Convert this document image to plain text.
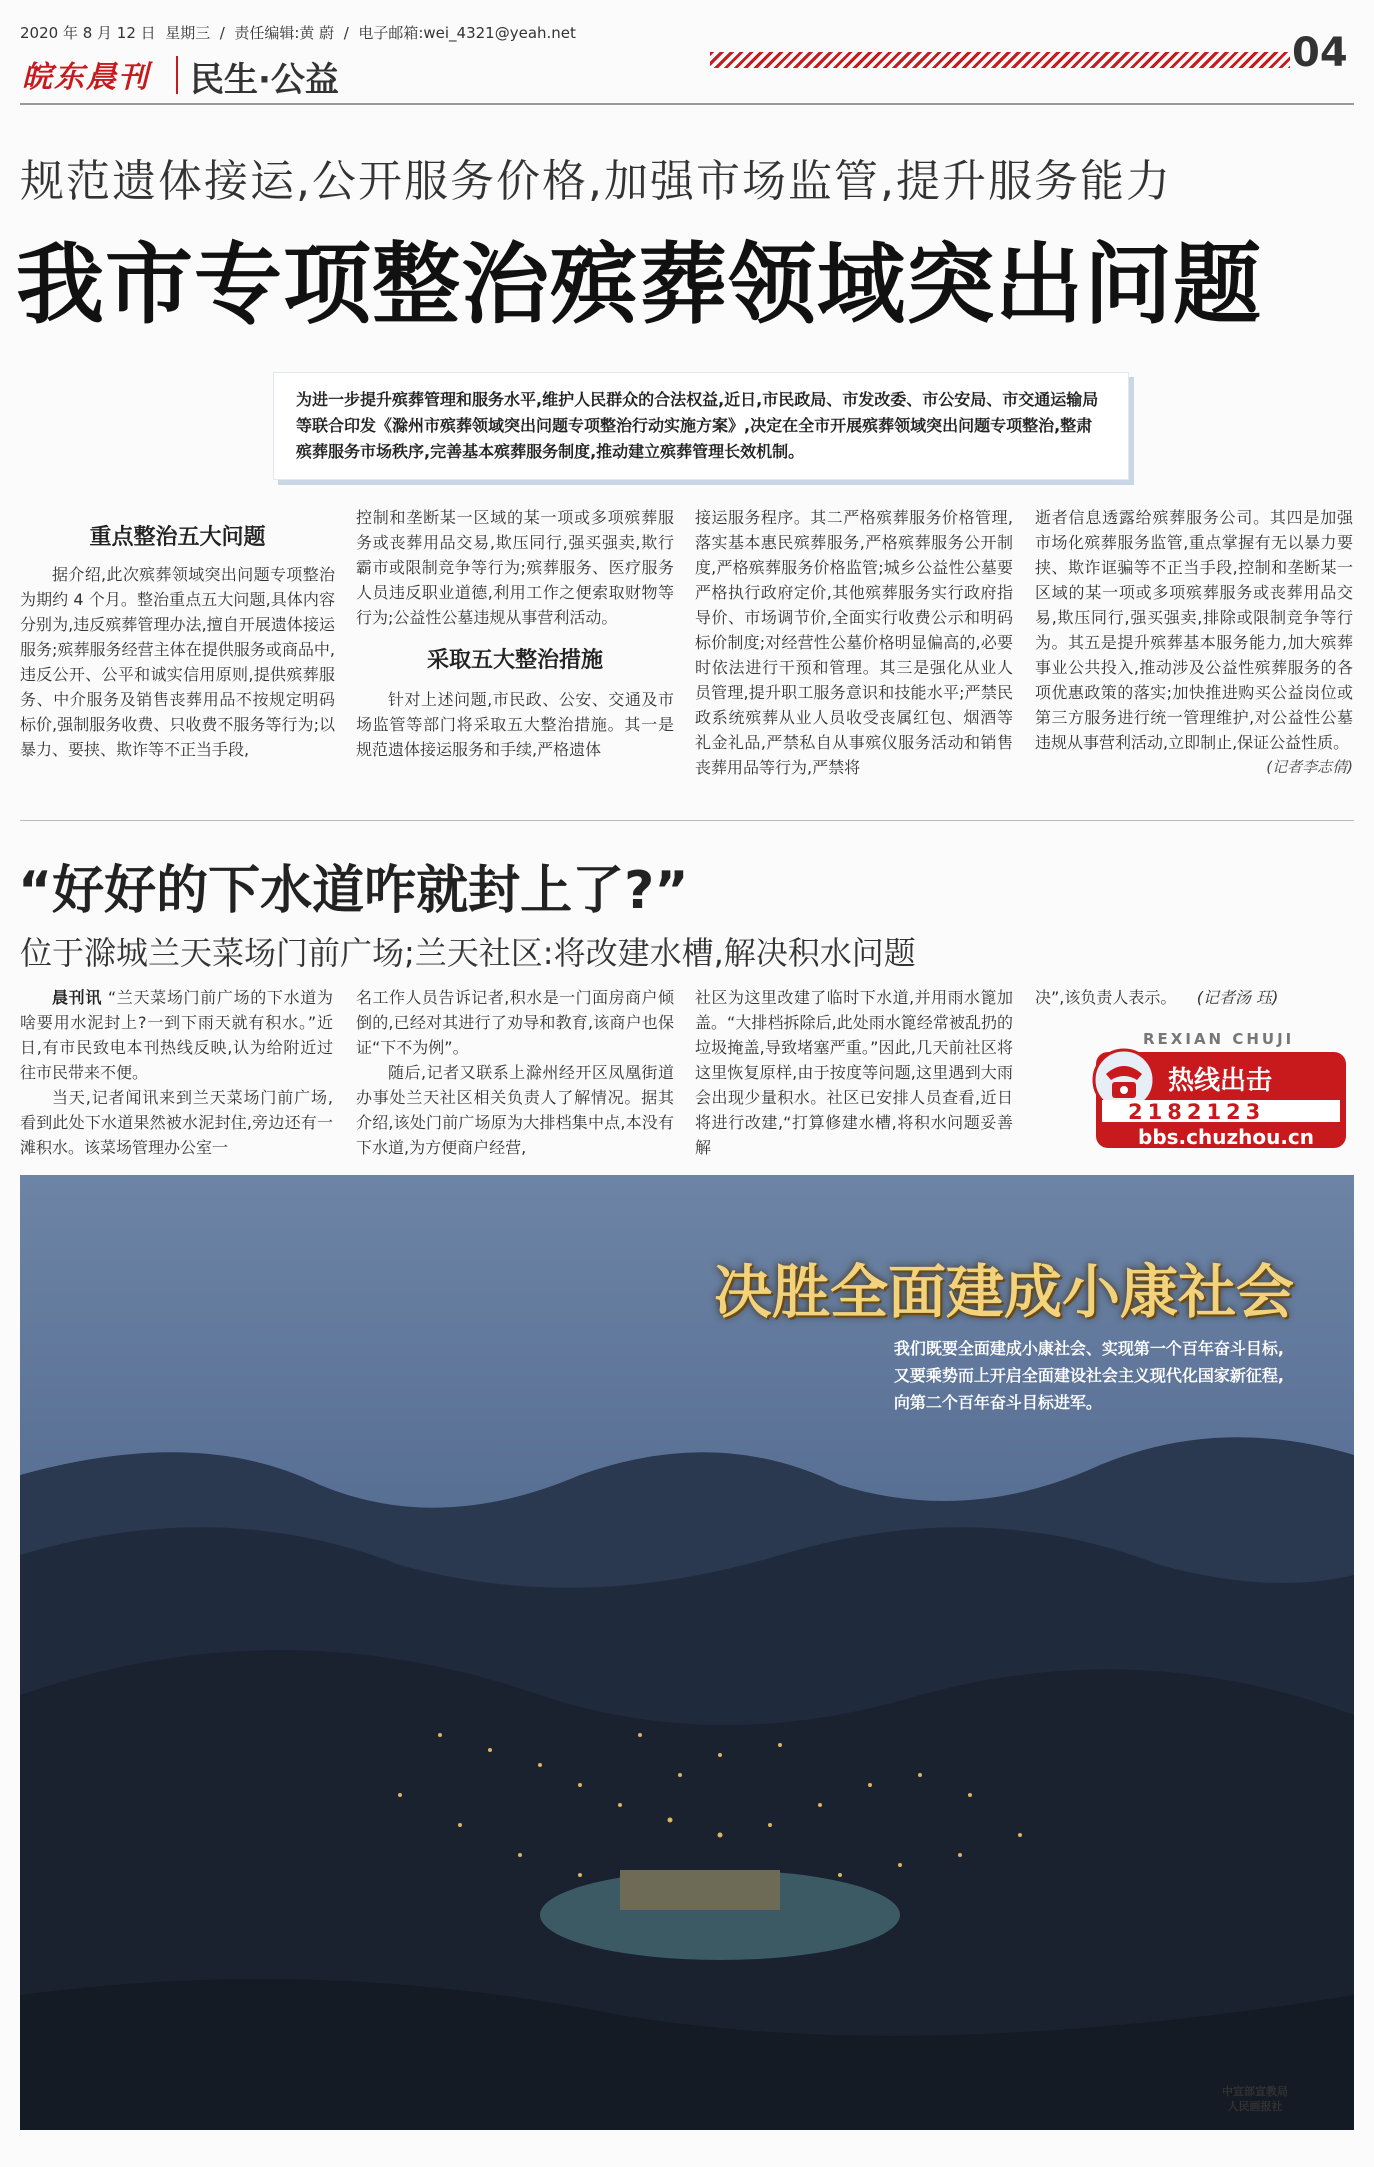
2020 年 8 月 12 日 星期三  /  责任编辑:黄 蔚  /  电子邮箱:wei_4321@yeah.net
皖东晨刊 民生·公益
04
规范遗体接运,公开服务价格,加强市场监管,提升服务能力
我市专项整治殡葬领域突出问题
为进一步提升殡葬管理和服务水平,维护人民群众的合法权益,近日,市民政局、市发改委、市公安局、市交通运输局等联合印发《滁州市殡葬领域突出问题专项整治行动实施方案》,决定在全市开展殡葬领域突出问题专项整治,整肃殡葬服务市场秩序,完善基本殡葬服务制度,推动建立殡葬管理长效机制。
重点整治五大问题

据介绍,此次殡葬领域突出问题专项整治为期约 4 个月。整治重点五大问题,具体内容分别为,违反殡葬管理办法,擅自开展遗体接运服务;殡葬服务经营主体在提供服务或商品中,违反公开、公平和诚实信用原则,提供殡葬服务、中介服务及销售丧葬用品不按规定明码标价,强制服务收费、只收费不服务等行为;以暴力、要挟、欺诈等不正当手段,

控制和垄断某一区域的某一项或多项殡葬服务或丧葬用品交易,欺压同行,强买强卖,欺行霸市或限制竞争等行为;殡葬服务、医疗服务人员违反职业道德,利用工作之便索取财物等行为;公益性公墓违规从事营利活动。

采取五大整治措施

针对上述问题,市民政、公安、交通及市场监管等部门将采取五大整治措施。其一是规范遗体接运服务和手续,严格遗体

接运服务程序。其二严格殡葬服务价格管理,落实基本惠民殡葬服务,严格殡葬服务公开制度,严格殡葬服务价格监管;城乡公益性公墓要严格执行政府定价,其他殡葬服务实行政府指导价、市场调节价,全面实行收费公示和明码标价制度;对经营性公墓价格明显偏高的,必要时依法进行干预和管理。其三是强化从业人员管理,提升职工服务意识和技能水平;严禁民政系统殡葬从业人员收受丧属红包、烟酒等礼金礼品,严禁私自从事殡仪服务活动和销售丧葬用品等行为,严禁将

逝者信息透露给殡葬服务公司。其四是加强市场化殡葬服务监管,重点掌握有无以暴力要挟、欺诈诓骗等不正当手段,控制和垄断某一区域的某一项或多项殡葬服务或丧葬用品交易,欺压同行,强买强卖,排除或限制竞争等行为。其五是提升殡葬基本服务能力,加大殡葬事业公共投入,推动涉及公益性殡葬服务的各项优惠政策的落实;加快推进购买公益岗位或第三方服务进行统一管理维护,对公益性公墓违规从事营利活动,立即制止,保证公益性质。

(记者李志倩)
“好好的下水道咋就封上了?”
位于滁城兰天菜场门前广场;兰天社区:将改建水槽,解决积水问题

晨刊讯 “兰天菜场门前广场的下水道为啥要用水泥封上?一到下雨天就有积水。”近日,有市民致电本刊热线反映,认为给附近过往市民带来不便。

当天,记者闻讯来到兰天菜场门前广场,看到此处下水道果然被水泥封住,旁边还有一滩积水。该菜场管理办公室一

名工作人员告诉记者,积水是一门面房商户倾倒的,已经对其进行了劝导和教育,该商户也保证“下不为例”。

随后,记者又联系上滁州经开区凤凰街道办事处兰天社区相关负责人了解情况。据其介绍,该处门前广场原为大排档集中点,本没有下水道,为方便商户经营,

社区为这里改建了临时下水道,并用雨水篦加盖。“大排档拆除后,此处雨水篦经常被乱扔的垃圾掩盖,导致堵塞严重。”因此,几天前社区将这里恢复原样,由于按度等问题,这里遇到大雨会出现少量积水。社区已安排人员查看,近日将进行改建,“打算修建水槽,将积水问题妥善解

决”,该负责人表示。 (记者汤 珏)

REXIAN CHUJI
热线出击
2182123
bbs.chuzhou.cn
决胜全面建成小康社会
我们既要全面建成小康社会、实现第一个百年奋斗目标,
又要乘势而上开启全面建设社会主义现代化国家新征程,
向第二个百年奋斗目标进军。
中宣部宣教局
人民画报社
